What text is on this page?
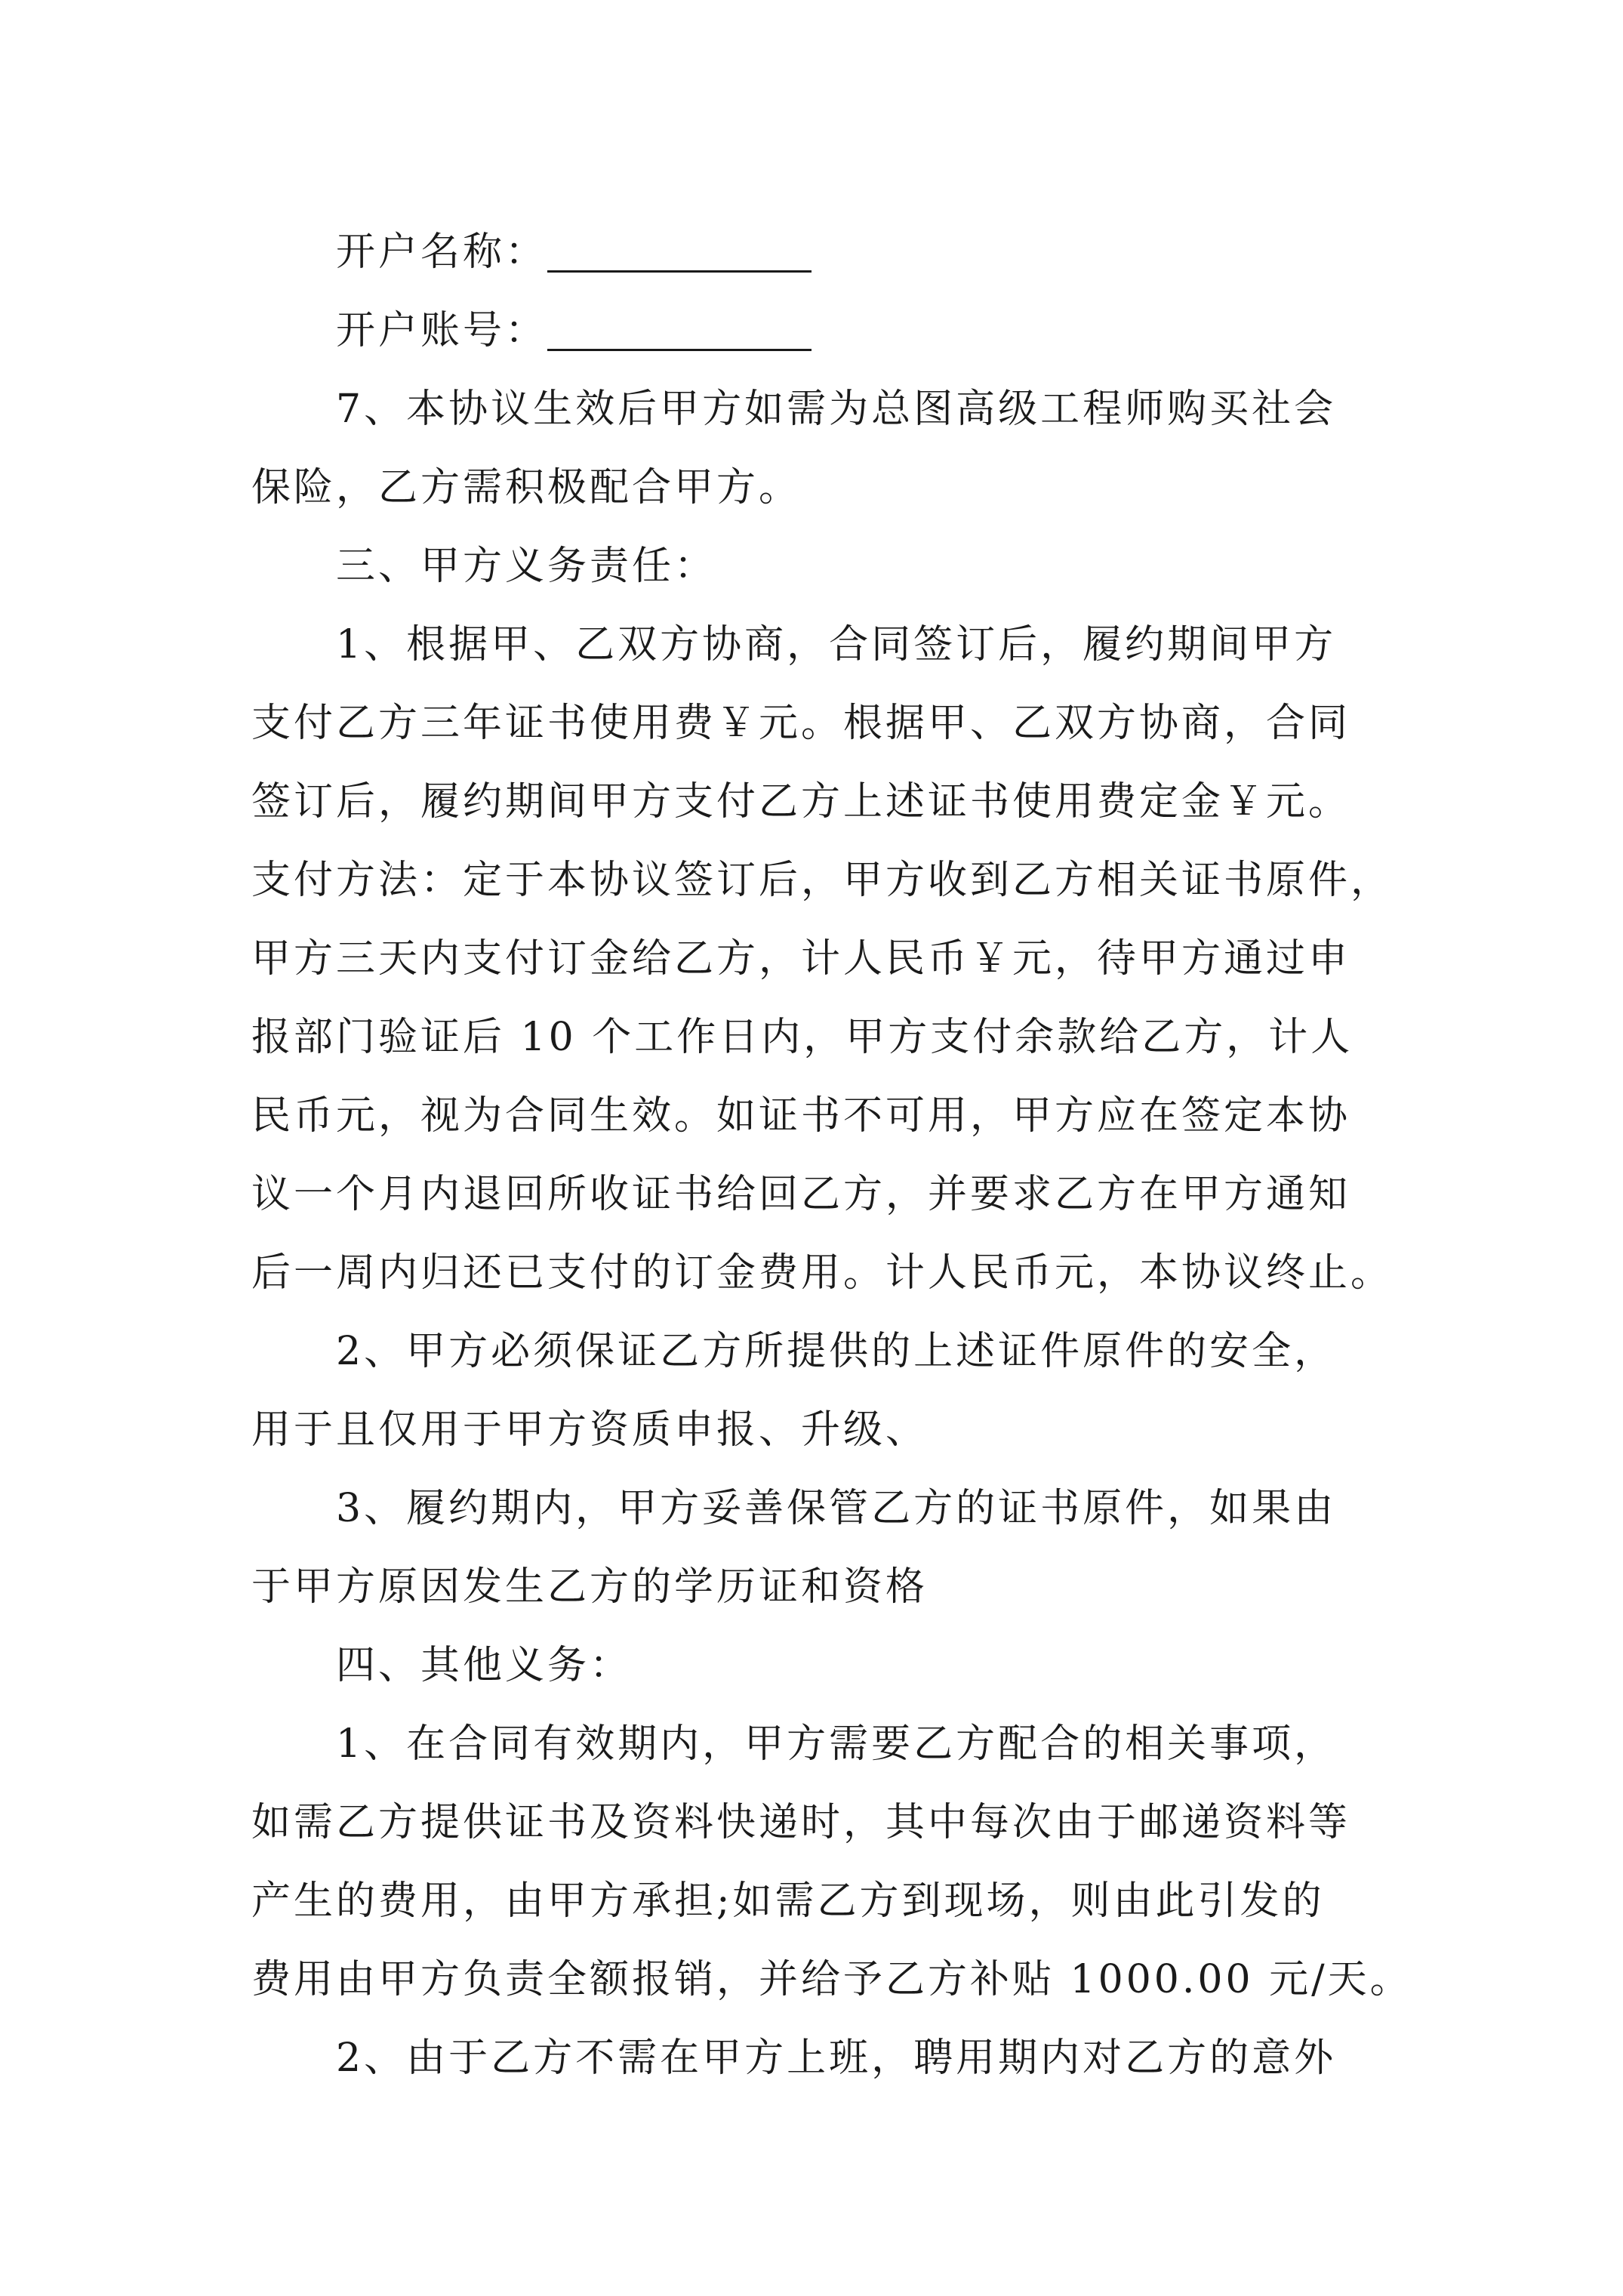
开户名称：
开户账号：
7、本协议生效后甲方如需为总图高级工程师购买社会
保险，乙方需积极配合甲方。
三、甲方义务责任：
1、根据甲、乙双方协商，合同签订后，履约期间甲方
支付乙方三年证书使用费￥元。根据甲、乙双方协商，合同
签订后，履约期间甲方支付乙方上述证书使用费定金￥元。
支付方法：定于本协议签订后，甲方收到乙方相关证书原件，
甲方三天内支付订金给乙方，计人民币￥元，待甲方通过申
报部门验证后 10 个工作日内，甲方支付余款给乙方，计人
民币元，视为合同生效。如证书不可用，甲方应在签定本协
议一个月内退回所收证书给回乙方，并要求乙方在甲方通知
后一周内归还已支付的订金费用。计人民币元，本协议终止。
2、甲方必须保证乙方所提供的上述证件原件的安全，
用于且仅用于甲方资质申报、升级、
3、履约期内，甲方妥善保管乙方的证书原件，如果由
于甲方原因发生乙方的学历证和资格
四、其他义务：
1、在合同有效期内，甲方需要乙方配合的相关事项，
如需乙方提供证书及资料快递时，其中每次由于邮递资料等
产生的费用，由甲方承担;如需乙方到现场，则由此引发的
费用由甲方负责全额报销，并给予乙方补贴 1000.00 元/天。
2、由于乙方不需在甲方上班，聘用期内对乙方的意外
